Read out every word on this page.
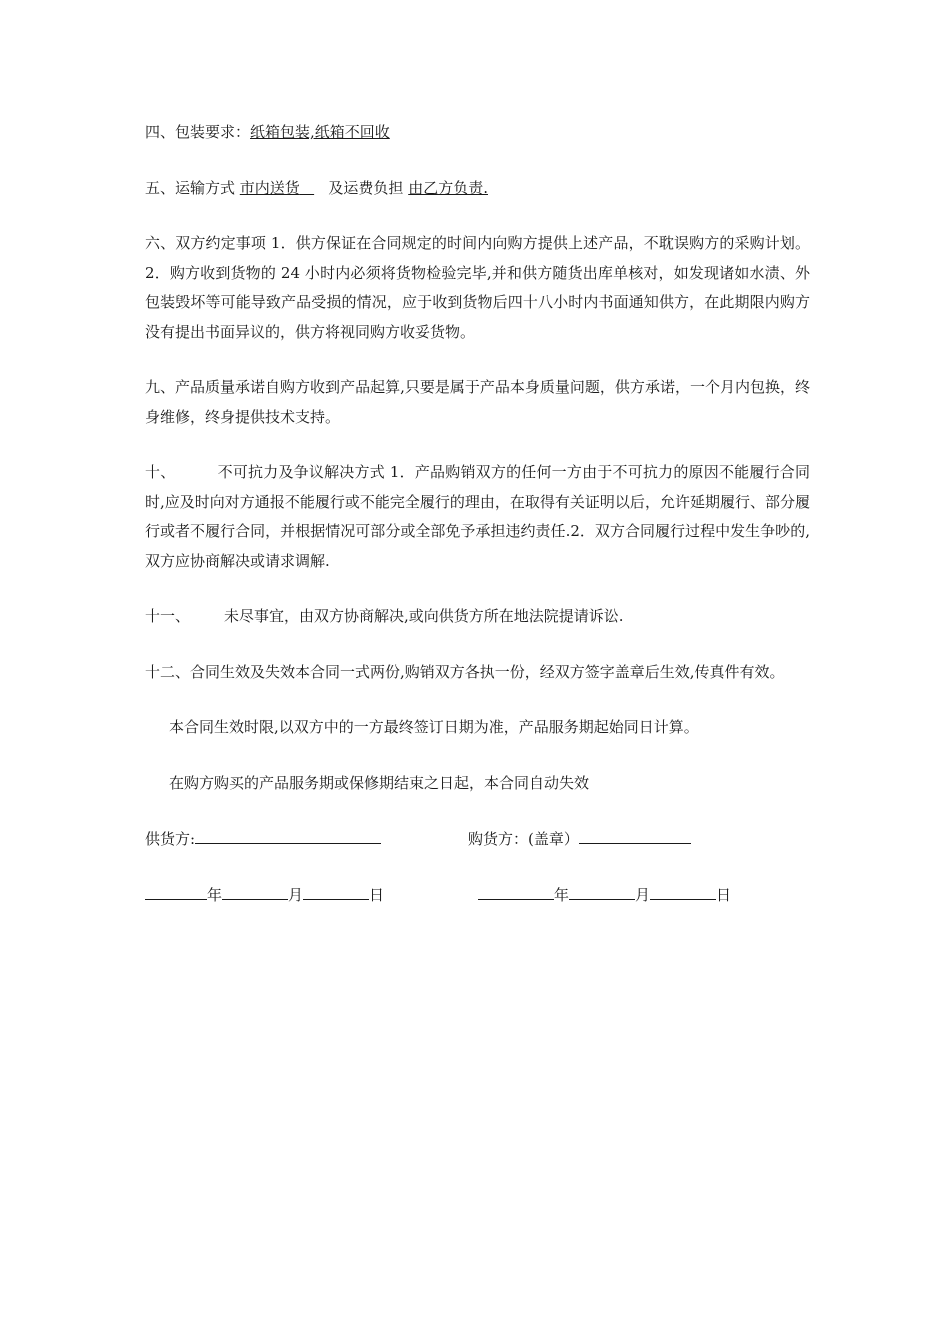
四、包装要求：纸箱包装,纸箱不回收

五、运输方式 市内送货 及运费负担 由乙方负责.

六、双方约定事项 1．供方保证在合同规定的时间内向购方提供上述产品，不耽误购方的采购计划。2．购方收到货物的 24 小时内必须将货物检验完毕,并和供方随货出库单核对，如发现诸如水渍、外包装毁坏等可能导致产品受损的情况，应于收到货物后四十八小时内书面通知供方，在此期限内购方没有提出书面异议的，供方将视同购方收妥货物。

九、产品质量承诺自购方收到产品起算,只要是属于产品本身质量问题，供方承诺，一个月内包换，终身维修，终身提供技术支持。

十、	不可抗力及争议解决方式 1．产品购销双方的任何一方由于不可抗力的原因不能履行合同时,应及时向对方通报不能履行或不能完全履行的理由，在取得有关证明以后，允许延期履行、部分履行或者不履行合同，并根据情况可部分或全部免予承担违约责任.2．双方合同履行过程中发生争吵的,双方应协商解决或请求调解.

十一、 未尽事宜，由双方协商解决,或向供货方所在地法院提请诉讼.

十二、合同生效及失效本合同一式两份,购销双方各执一份，经双方签字盖章后生效,传真件有效。

本合同生效时限,以双方中的一方最终签订日期为准，产品服务期起始同日计算。

在购方购买的产品服务期或保修期结束之日起，本合同自动失效

供货方:	购货方：(盖章）
年	月	日	年	月	日
